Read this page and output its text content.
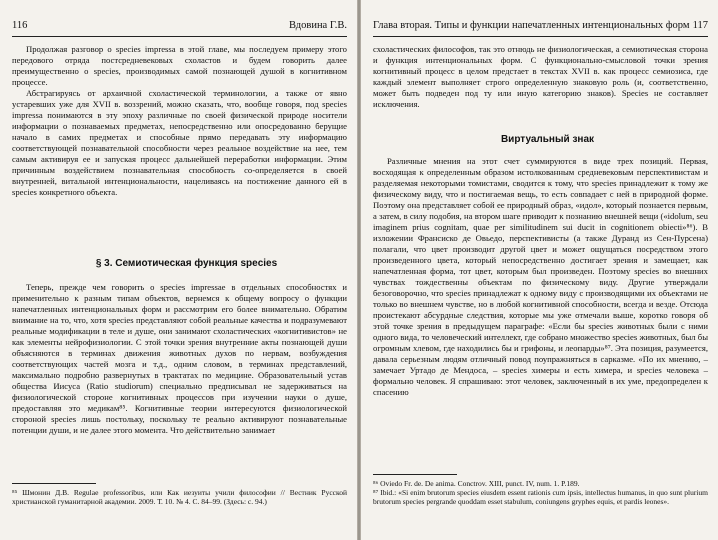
116	Вдовина Г.В.

Продолжая разговор о species impressa в этой главе, мы последуем примеру этого передового отряда постсредневековых схоластов и будем говорить далее преимущественно о species, производимых самой познающей душой в когнитивном процессе.

Абстрагируясь от архаичной схоластической терминологии, а также от явно устаревших уже для XVII в. воззрений, можно сказать, что, вообще говоря, под species impressa понимаются в эту эпоху различные по своей физической природе носители информации о познаваемых предметах, непосредственно или опосредованно берущие начало в самих предметах и способные прямо передавать эту информацию соответствующей познавательной способности через реальное воздействие на нее, тем самым активируя ее и запуская процесс дальнейшей переработки информации. Этим причинным воздействием познавательная способность co-определяется в своей внутренней, витальной интенциональности, нацеливаясь на постижение данного ей в species конкретного объекта.

§ 3. Семиотическая функция species

Теперь, прежде чем говорить о species impressae в отдельных способностях и применительно к разным типам объектов, вернемся к общему вопросу о функции напечатленных интенциональных форм и рассмотрим его более внимательно. Обратим внимание на то, что, хотя species представляют собой реальные качества и подразумевают реальные модификации в теле и душе, они занимают схоластических «когнитивистов» не как элементы нейрофизиологии. С этой точки зрения внутренние акты познающей души объясняются в терминах движения животных духов по нервам, возбуждения соответствующих частей мозга и т.д., одним словом, в терминах представлений, максимально подробно развернутых в трактатах по медицине. Образовательный устав общества Иисуса (Ratio studiorum) специально предписывал не задерживаться на физиологической стороне когнитивных процессов при изучении науки о душе, предоставляя это медикам⁸⁵. Когнитивные теории интересуются физиологической стороной species лишь постольку, поскольку те реально активируют познавательные потенции души, и не далее этого момента. Что действительно занимает

⁸⁵ Шмонин Д.В. Regulae professoribus, или Как иезуиты учили философии // Вестник Русской христианской гуманитарной академии. 2009. Т. 10. № 4. С. 84–99. (Здесь: с. 94.)

Глава вторая. Типы и функции напечатленных интенциональных форм 117

схоластических философов, так это отнюдь не физиологическая, а семиотическая сторона и функция интенциональных форм. С функционально-смысловой точки зрения когнитивный процесс в целом предстает в текстах XVII в. как процесс семиозиса, где каждый элемент выполняет строго определенную знаковую роль (и, соответственно, может быть подведен под ту или иную категорию знаков). Species не составляет исключения.

Виртуальный знак

Различные мнения на этот счет суммируются в виде трех позиций. Первая, восходящая к определенным образом истолкованным средневековым перспективистам и разделяемая некоторыми томистами, сводится к тому, что species принадлежит к тому же физическому виду, что и постигаемая вещь, то есть совпадает с ней в природной форме. Поэтому она представляет собой ее природный образ, «идол», который познается первым, а затем, в силу подобия, на втором шаге приводит к познанию внешней вещи («idolum, seu imaginem prius cognitam, quae per similitudinem sui ducit in cognitionem obiecti»⁸⁶). В изложении Франсиско де Овьедо, перспективисты (а также Дуранд из Сен-Пурсена) полагали, что цвет производит другой цвет и может ощущаться посредством этого произведенного цвета, который непосредственно достигает зрения и замещает, как напечатленная форма, тот цвет, которым был произведен. Поэтому species во внешних чувствах тождественны объектам по физическому виду. Другие утверждали безоговорочно, что species принадлежат к одному виду с производящими их объектами не только во внешнем чувстве, но в любой когнитивной способности, всегда и везде. Отсюда проистекают абсурдные следствия, которые мы уже отмечали выше, коротко говоря об этой точке зрения в предыдущем параграфе: «Если бы species животных были с ними одного вида, то человеческий интеллект, где собрано множество species животных, был бы огромным хлевом, где находились бы и грифоны, и леопарды»⁸⁷. Эта позиция, разумеется, давала серьезным людям отличный повод поупражняться в сарказме. «По их мнению, – замечает Уртадо де Мендоса, – species химеры и есть химера, и species человека – формально человек. Я спрашиваю: этот человек, заключенный в их уме, предопределен к спасению

⁸⁶ Oviedo Fr. de. De anima. Conctrov. XIII, punct. IV, num. 1. P.189.

⁸⁷ Ibid.: «Si enim brutorum species eiusdem essent rationis cum ipsis, intellectus humanus, in quo sunt plurium brutorum species pergrande quoddam esset stabulum, coniungens gryphes equis, et pardis leones».
